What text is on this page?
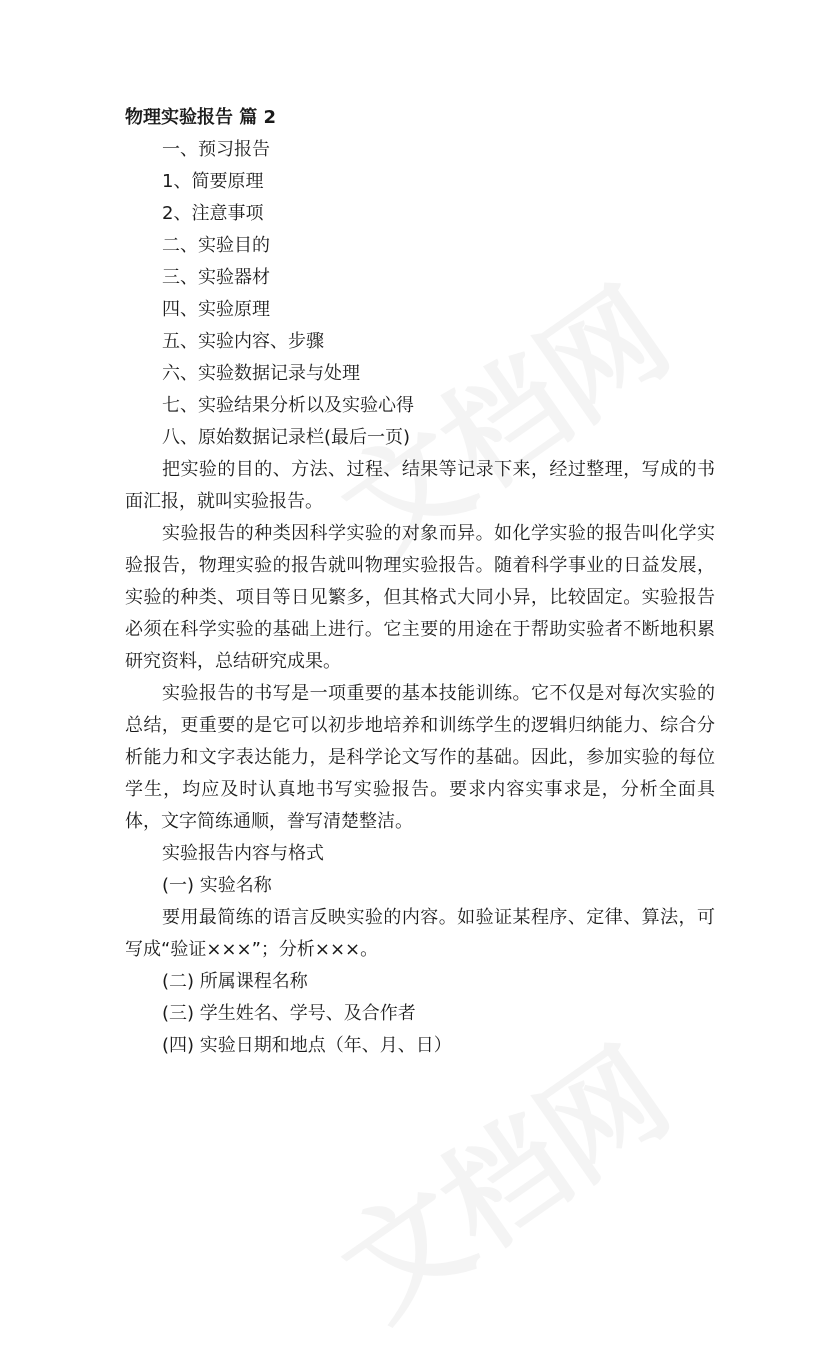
物理实验报告 篇 2

一、预习报告

1、简要原理

2、注意事项

二、实验目的

三、实验器材

四、实验原理

五、实验内容、步骤

六、实验数据记录与处理

七、实验结果分析以及实验心得

八、原始数据记录栏(最后一页)

把实验的目的、方法、过程、结果等记录下来，经过整理，写成的书面汇报，就叫实验报告。

实验报告的种类因科学实验的对象而异。如化学实验的报告叫化学实验报告，物理实验的报告就叫物理实验报告。随着科学事业的日益发展，实验的种类、项目等日见繁多，但其格式大同小异，比较固定。实验报告必须在科学实验的基础上进行。它主要的用途在于帮助实验者不断地积累研究资料，总结研究成果。

实验报告的书写是一项重要的基本技能训练。它不仅是对每次实验的总结，更重要的是它可以初步地培养和训练学生的逻辑归纳能力、综合分析能力和文字表达能力，是科学论文写作的基础。因此，参加实验的每位学生，均应及时认真地书写实验报告。要求内容实事求是，分析全面具体，文字简练通顺，誊写清楚整洁。

实验报告内容与格式

(一) 实验名称

要用最简练的语言反映实验的内容。如验证某程序、定律、算法，可写成“验证×××”；分析×××。

(二) 所属课程名称

(三) 学生姓名、学号、及合作者

(四) 实验日期和地点（年、月、日）
